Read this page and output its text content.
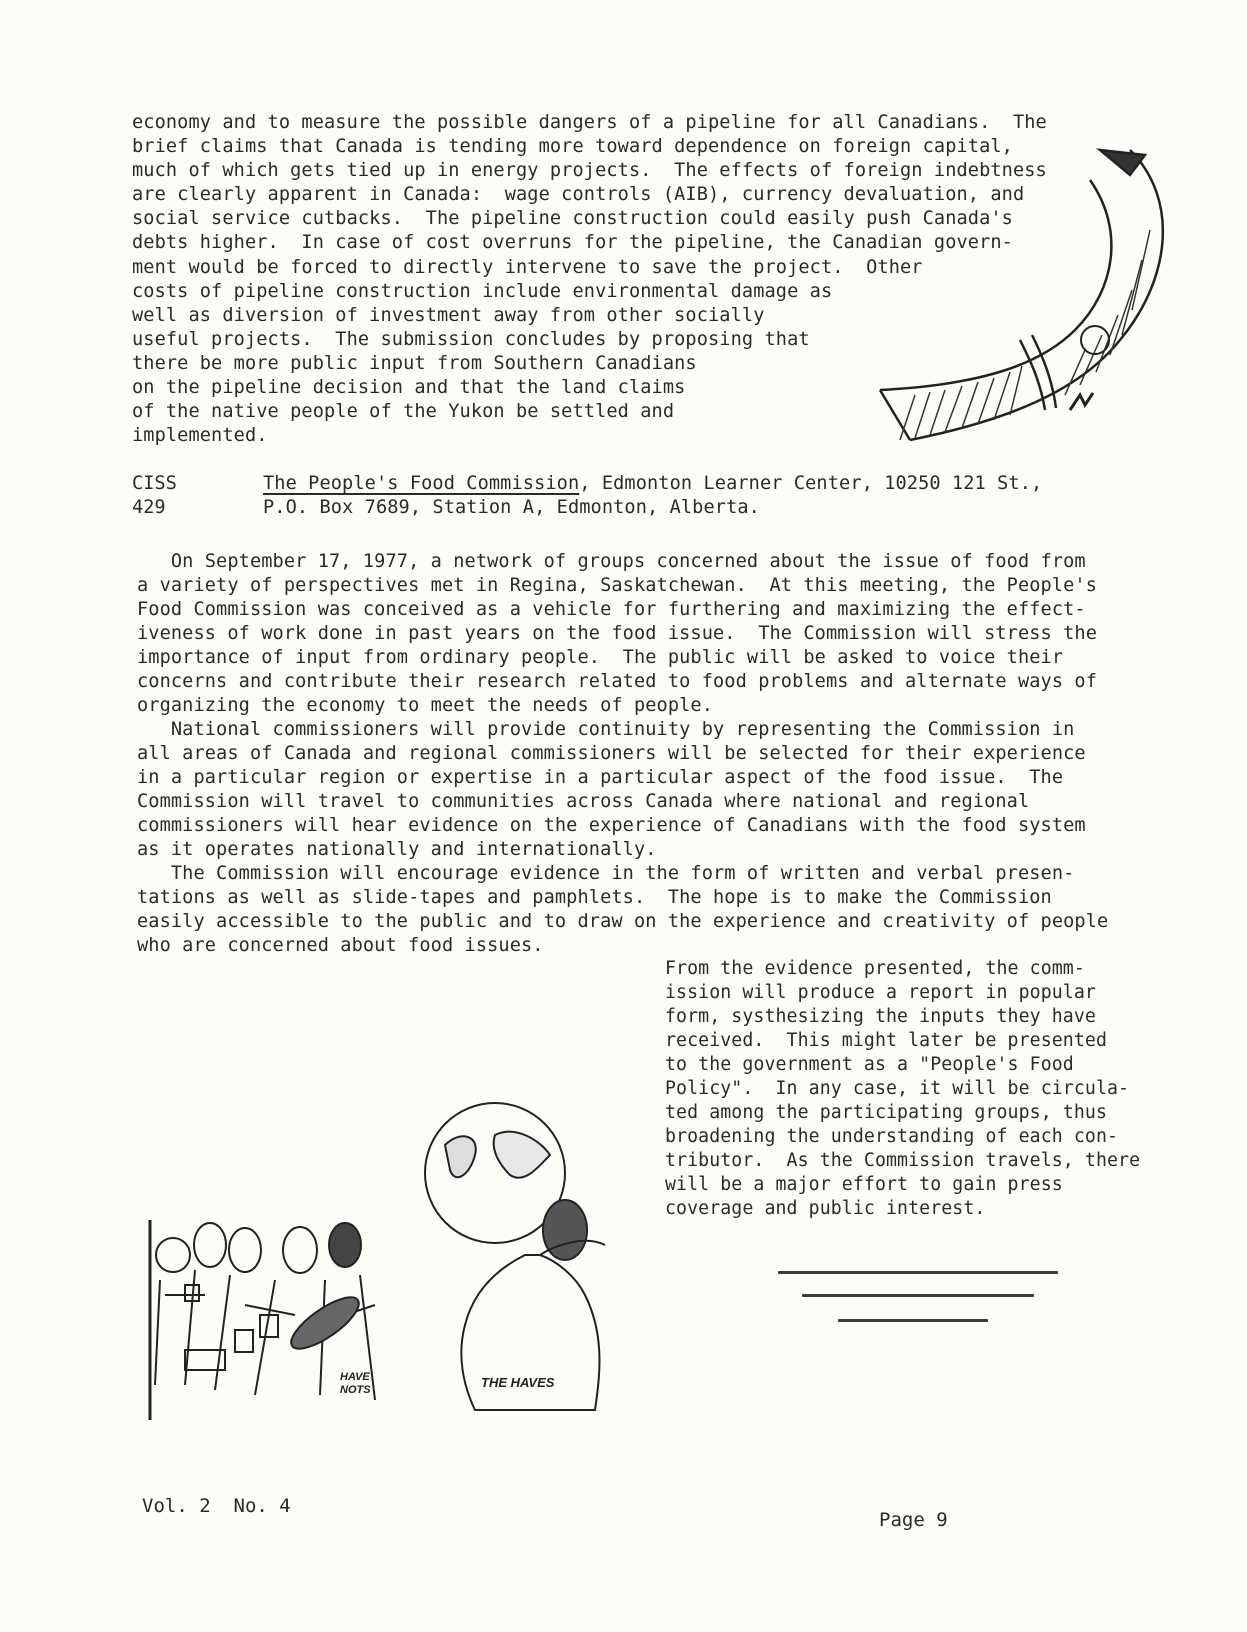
economy and to measure the possible dangers of a pipeline for all Canadians.  The
brief claims that Canada is tending more toward dependence on foreign capital,
much of which gets tied up in energy projects.  The effects of foreign indebtness
are clearly apparent in Canada:  wage controls (AIB), currency devaluation, and
social service cutbacks.  The pipeline construction could easily push Canada's
debts higher.  In case of cost overruns for the pipeline, the Canadian govern-
ment would be forced to directly intervene to save the project.  Other
costs of pipeline construction include environmental damage as
well as diversion of investment away from other socially
useful projects.  The submission concludes by proposing that
there be more public input from Southern Canadians
on the pipeline decision and that the land claims
of the native people of the Yukon be settled and
implemented.
CISS
429
The People's Food Commission, Edmonton Learner Center, 10250 121 St.,
P.O. Box 7689, Station A, Edmonton, Alberta.
On September 17, 1977, a network of groups concerned about the issue of food from
a variety of perspectives met in Regina, Saskatchewan.  At this meeting, the People's
Food Commission was conceived as a vehicle for furthering and maximizing the effect-
iveness of work done in past years on the food issue.  The Commission will stress the
importance of input from ordinary people.  The public will be asked to voice their
concerns and contribute their research related to food problems and alternate ways of
organizing the economy to meet the needs of people.
National commissioners will provide continuity by representing the Commission in
all areas of Canada and regional commissioners will be selected for their experience
in a particular region or expertise in a particular aspect of the food issue.  The
Commission will travel to communities across Canada where national and regional
commissioners will hear evidence on the experience of Canadians with the food system
as it operates nationally and internationally.
The Commission will encourage evidence in the form of written and verbal presen-
tations as well as slide-tapes and pamphlets.  The hope is to make the Commission
easily accessible to the public and to draw on the experience and creativity of people
who are concerned about food issues.
From the evidence presented, the comm-
ission will produce a report in popular
form, systhesizing the inputs they have
received.  This might later be presented
to the government as a "People's Food
Policy".  In any case, it will be circula-
ted among the participating groups, thus
broadening the understanding of each con-
tributor.  As the Commission travels, there
will be a major effort to gain press
coverage and public interest.
HAVE
NOTS	THE HAVES
Vol. 2  No. 4
Page 9
